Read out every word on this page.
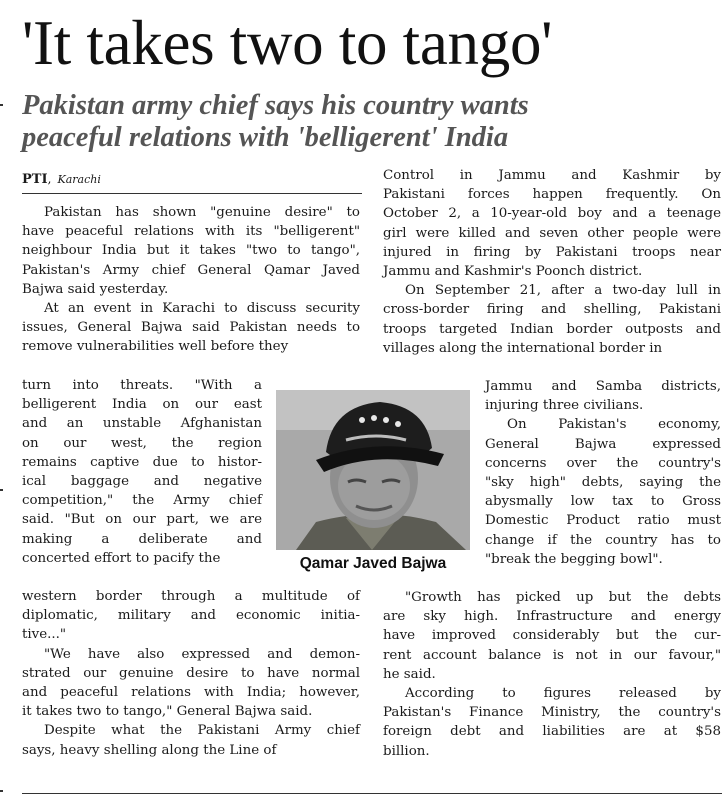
'It takes two to tango'
Pakistan army chief says his country wants
peaceful relations with 'belligerent' India
PTI, Karachi

Pakistan has shown "genuine desire" to
have peaceful relations with its "belligerent"
neighbour India but it takes "two to tango",
Pakistan's Army chief General Qamar Javed
Bajwa said yesterday.

At an event in Karachi to discuss security
issues, General Bajwa said Pakistan needs to
remove vulnerabilities well before they

turn into threats. "With a
belligerent India on our east
and an unstable Afghanistan
on our west, the region
remains captive due to histor-
ical baggage and negative
competition," the Army chief
said. "But on our part, we are
making a deliberate and
concerted effort to pacify the

western border through a multitude of
diplomatic, military and economic initia-
tive..."

"We have also expressed and demon-
strated our genuine desire to have normal
and peaceful relations with India; however,
it takes two to tango," General Bajwa said.

Despite what the Pakistani Army chief
says, heavy shelling along the Line of

Control in Jammu and Kashmir by
Pakistani forces happen frequently. On
October 2, a 10-year-old boy and a teenage
girl were killed and seven other people were
injured in firing by Pakistani troops near
Jammu and Kashmir's Poonch district.

On September 21, after a two-day lull in
cross-border firing and shelling, Pakistani
troops targeted Indian border outposts and
villages along the international border in

Jammu and Samba districts,
injuring three civilians.

On Pakistan's economy,
General Bajwa expressed
concerns over the country's
"sky high" debts, saying the
abysmally low tax to Gross
Domestic Product ratio must
change if the country has to
"break the begging bowl".

"Growth has picked up but the debts
are sky high. Infrastructure and energy
have improved considerably but the cur-
rent account balance is not in our favour,"
he said.

According to figures released by
Pakistan's Finance Ministry, the country's
foreign debt and liabilities are at $58
billion.

Qamar Javed Bajwa
